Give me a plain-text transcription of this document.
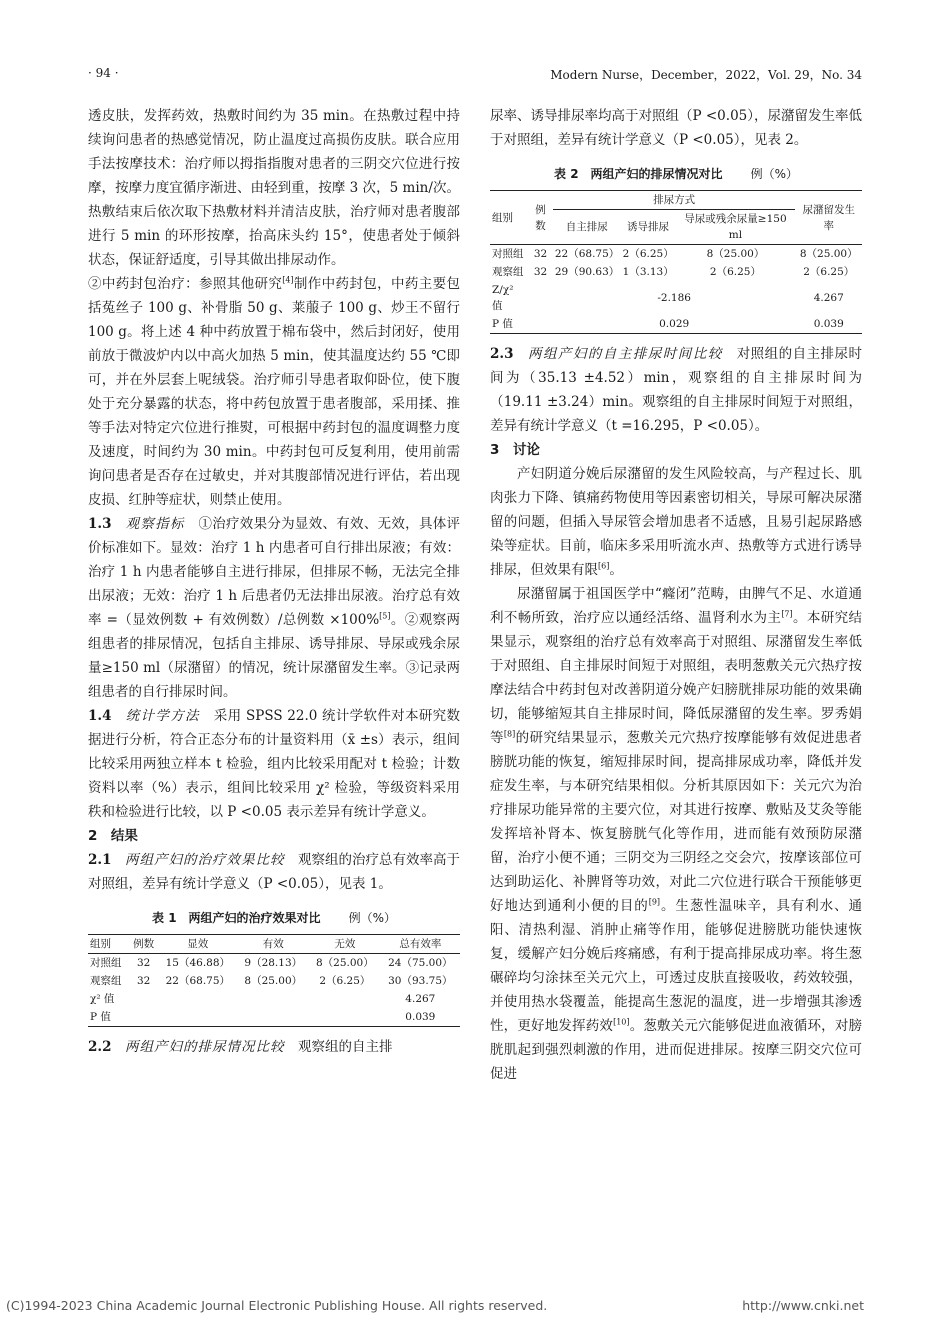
· 94 ·	Modern Nurse，December，2022，Vol. 29，No. 34

透皮肤，发挥药效，热敷时间约为 35 min。在热敷过程中持续询问患者的热感觉情况，防止温度过高损伤皮肤。联合应用手法按摩技术：治疗师以拇指指腹对患者的三阴交穴位进行按摩，按摩力度宜循序渐进、由轻到重，按摩 3 次，5 min/次。热敷结束后依次取下热敷材料并清洁皮肤，治疗师对患者腹部进行 5 min 的环形按摩，抬高床头约 15°，使患者处于倾斜状态，保证舒适度，引导其做出排尿动作。

②中药封包治疗：参照其他研究[4]制作中药封包，中药主要包括菟丝子 100 g、补骨脂 50 g、莱菔子 100 g、炒王不留行 100 g。将上述 4 种中药放置于棉布袋中，然后封闭好，使用前放于微波炉内以中高火加热 5 min，使其温度达约 55 ℃即可，并在外层套上呢绒袋。治疗师引导患者取仰卧位，使下腹处于充分暴露的状态，将中药包放置于患者腹部，采用揉、推等手法对特定穴位进行推熨，可根据中药封包的温度调整力度及速度，时间约为 30 min。中药封包可反复利用，使用前需询问患者是否存在过敏史，并对其腹部情况进行评估，若出现皮损、红肿等症状，则禁止使用。

1.3　 观察指标　 ①治疗效果分为显效、有效、无效，具体评价标准如下。显效：治疗 1 h 内患者可自行排出尿液；有效：治疗 1 h 内患者能够自主进行排尿，但排尿不畅，无法完全排出尿液；无效：治疗 1 h 后患者仍无法排出尿液。治疗总有效率 =（显效例数 + 有效例数）/总例数 ×100%[5]。②观察两组患者的排尿情况，包括自主排尿、诱导排尿、导尿或残余尿量≥150 ml（尿潴留）的情况，统计尿潴留发生率。③记录两组患者的自行排尿时间。

1.4　 统计学方法　 采用 SPSS 22.0 统计学软件对本研究数据进行分析，符合正态分布的计量资料用（x̄ ±s）表示，组间比较采用两独立样本 t 检验，组内比较采用配对 t 检验；计数资料以率（%）表示，组间比较采用 χ² 检验，等级资料采用秩和检验进行比较，以 P <0.05 表示差异有统计学意义。

2　结果

2.1　 两组产妇的治疗效果比较　 观察组的治疗总有效率高于对照组，差异有统计学意义（P <0.05），见表 1。

表 1　两组产妇的治疗效果对比 例（%）
组别	例数	显效	有效	无效	总有效率
对照组	32	15（46.88）	9（28.13）	8（25.00）	24（75.00）
观察组	32	22（68.75）	8（25.00）	2（6.25）	30（93.75）
χ² 值					4.267
P 值					0.039

2.2　 两组产妇的排尿情况比较　 观察组的自主排

尿率、诱导排尿率均高于对照组（P <0.05），尿潴留发生率低于对照组，差异有统计学意义（P <0.05），见表 2。

表 2　两组产妇的排尿情况对比 例（%）
组别	例数	排尿方式			尿潴留发生率
		自主排尿	诱导排尿	导尿或残余尿量≥150 ml	
对照组	32	22（68.75）	2（6.25）	8（25.00）	8（25.00）
观察组	32	29（90.63）	1（3.13）	2（6.25）	2（6.25）
Z/χ² 值		-2.186			4.267
P 值		0.029			0.039

2.3　 两组产妇的自主排尿时间比较　 对照组的自主排尿时间为（35.13 ±4.52）min，观察组的自主排尿时间为（19.11 ±3.24）min。观察组的自主排尿时间短于对照组，差异有统计学意义（t =16.295，P <0.05）。

3　讨论

产妇阴道分娩后尿潴留的发生风险较高，与产程过长、肌肉张力下降、镇痛药物使用等因素密切相关，导尿可解决尿潴留的问题，但插入导尿管会增加患者不适感，且易引起尿路感染等症状。目前，临床多采用听流水声、热敷等方式进行诱导排尿，但效果有限[6]。

尿潴留属于祖国医学中“癃闭”范畴，由脾气不足、水道通利不畅所致，治疗应以通经活络、温肾利水为主[7]。本研究结果显示，观察组的治疗总有效率高于对照组、尿潴留发生率低于对照组、自主排尿时间短于对照组，表明葱敷关元穴热疗按摩法结合中药封包对改善阴道分娩产妇膀胱排尿功能的效果确切，能够缩短其自主排尿时间，降低尿潴留的发生率。罗秀娟等[8]的研究结果显示，葱敷关元穴热疗按摩能够有效促进患者膀胱功能的恢复，缩短排尿时间，提高排尿成功率，降低并发症发生率，与本研究结果相似。分析其原因如下：关元穴为治疗排尿功能异常的主要穴位，对其进行按摩、敷贴及艾灸等能发挥培补肾本、恢复膀胱气化等作用，进而能有效预防尿潴留，治疗小便不通；三阴交为三阴经之交会穴，按摩该部位可达到助运化、补脾肾等功效，对此二穴位进行联合干预能够更好地达到通利小便的目的[9]。生葱性温味辛，具有利水、通阳、清热利湿、消肿止痛等作用，能够促进膀胱功能快速恢复，缓解产妇分娩后疼痛感，有利于提高排尿成功率。将生葱碾碎均匀涂抹至关元穴上，可透过皮肤直接吸收，药效较强，并使用热水袋覆盖，能提高生葱泥的温度，进一步增强其渗透性，更好地发挥药效[10]。葱敷关元穴能够促进血液循环，对膀胱肌起到强烈刺激的作用，进而促进排尿。按摩三阴交穴位可促进

(C)1994-2023 China Academic Journal Electronic Publishing House. All rights reserved.	http://www.cnki.net
